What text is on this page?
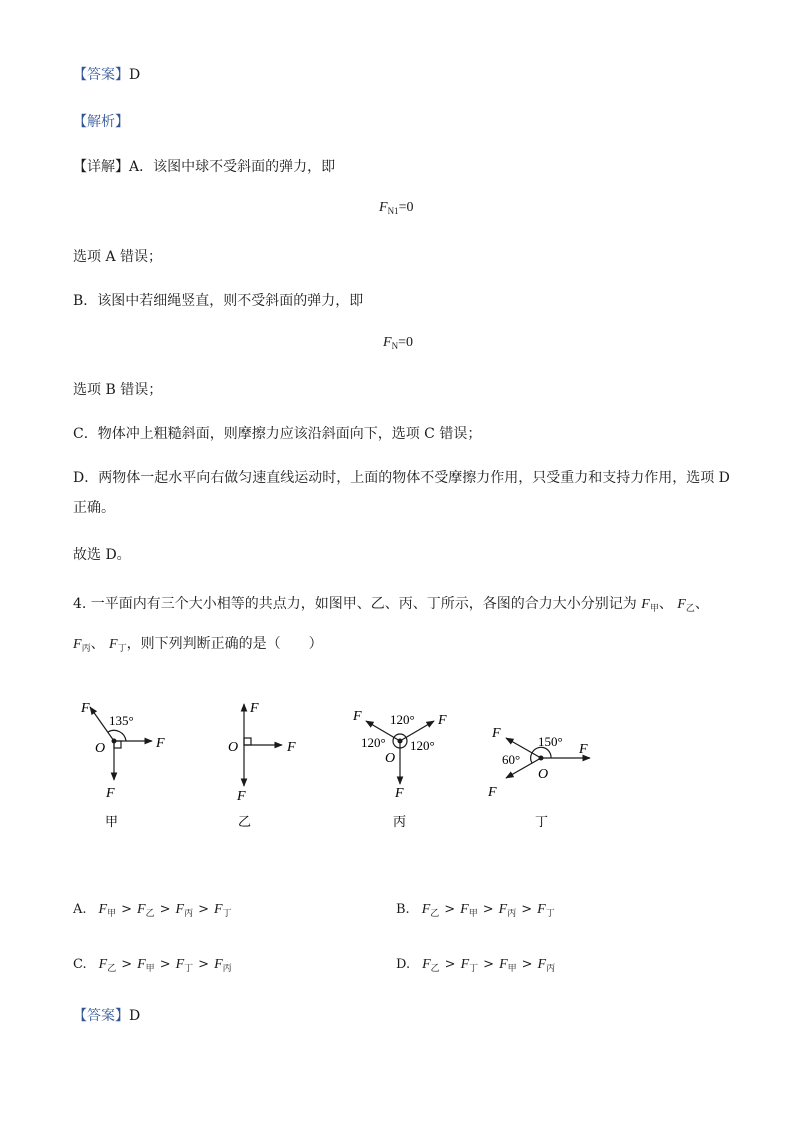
【答案】D
【解析】
【详解】A．该图中球不受斜面的弹力，即
$F_{N1}=0$
选项 A 错误；
B．该图中若细绳竖直，则不受斜面的弹力，即
$F_N=0$
选项 B 错误；
C．物体冲上粗糙斜面，则摩擦力应该沿斜面向下，选项 C 错误；
D．两物体一起水平向右做匀速直线运动时，上面的物体不受摩擦力作用，只受重力和支持力作用，选项 D
正确。
故选 D。
4. 一平面内有三个大小相等的共点力，如图甲、乙、丙、丁所示，各图的合力大小分别记为 $F_甲$、 $F_乙$、
$F_丙$、 $F_丁$，则下列判断正确的是（　　）
F
135°
O	F
F
F
O	F
F
F 120° F
120° 120°
O
F
F
150°
F
60°
O
F
甲	乙	丙	丁
A. $F_甲 > F_乙 > F_丙 > F_丁$	B. $F_乙 > F_甲 > F_丙 > F_丁$
C. $F_乙 > F_甲 > F_丁 > F_丙$	D. $F_乙 > F_丁 > F_甲 > F_丙$
【答案】D
